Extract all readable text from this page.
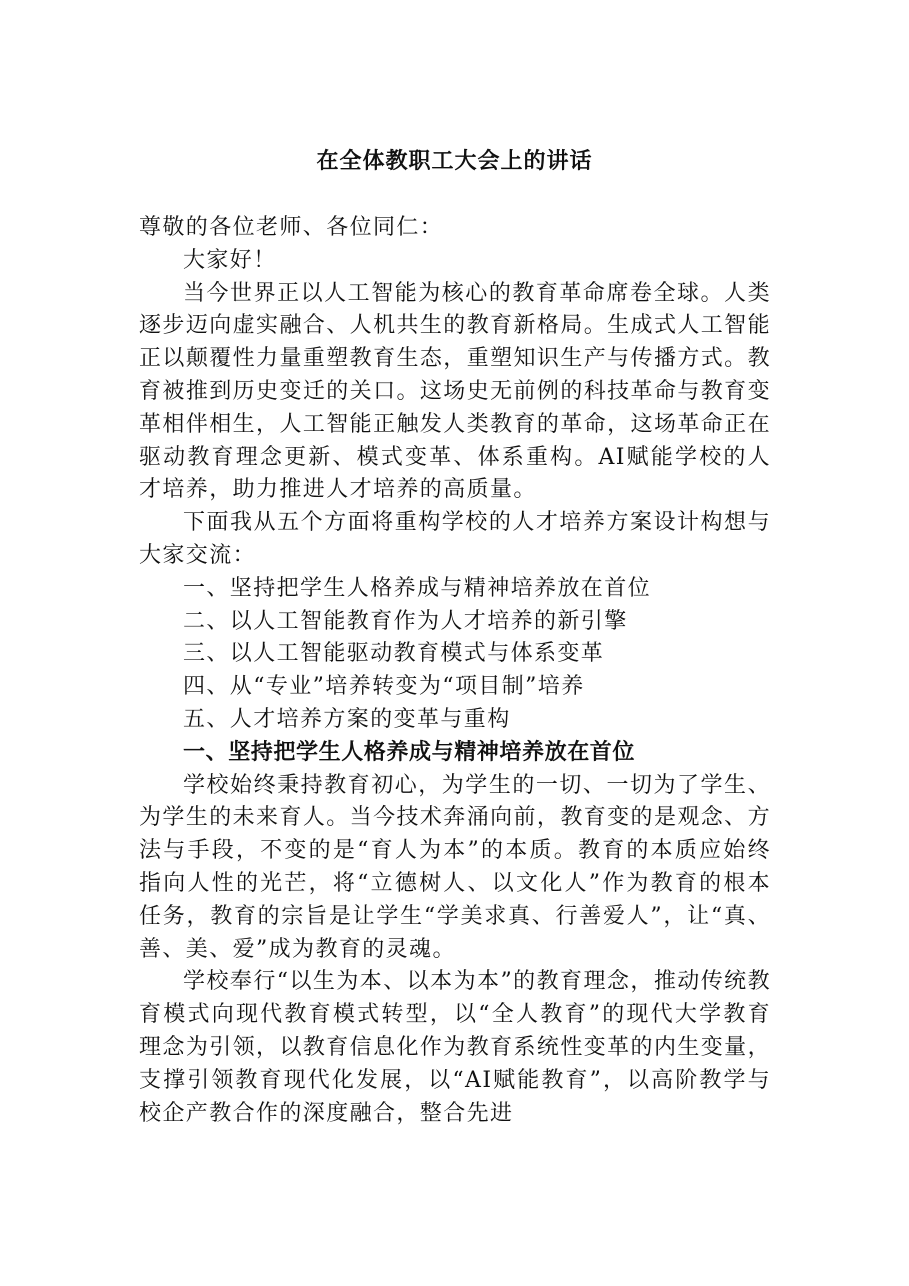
在全体教职工大会上的讲话

尊敬的各位老师、各位同仁：

大家好！

当今世界正以人工智能为核心的教育革命席卷全球。人类逐步迈向虚实融合、人机共生的教育新格局。生成式人工智能正以颠覆性力量重塑教育生态，重塑知识生产与传播方式。教育被推到历史变迁的关口。这场史无前例的科技革命与教育变革相伴相生，人工智能正触发人类教育的革命，这场革命正在驱动教育理念更新、模式变革、体系重构。AI赋能学校的人才培养，助力推进人才培养的高质量。

下面我从五个方面将重构学校的人才培养方案设计构想与大家交流：

一、坚持把学生人格养成与精神培养放在首位

二、以人工智能教育作为人才培养的新引擎

三、以人工智能驱动教育模式与体系变革

四、从“专业”培养转变为“项目制”培养

五、人才培养方案的变革与重构

一、坚持把学生人格养成与精神培养放在首位

学校始终秉持教育初心，为学生的一切、一切为了学生、为学生的未来育人。当今技术奔涌向前，教育变的是观念、方法与手段，不变的是“育人为本”的本质。教育的本质应始终指向人性的光芒，将“立德树人、以文化人”作为教育的根本任务，教育的宗旨是让学生“学美求真、行善爱人”，让“真、善、美、爱”成为教育的灵魂。

学校奉行“以生为本、以本为本”的教育理念，推动传统教育模式向现代教育模式转型，以“全人教育”的现代大学教育理念为引领，以教育信息化作为教育系统性变革的内生变量，支撑引领教育现代化发展，以“AI赋能教育”，以高阶教学与校企产教合作的深度融合，整合先进
